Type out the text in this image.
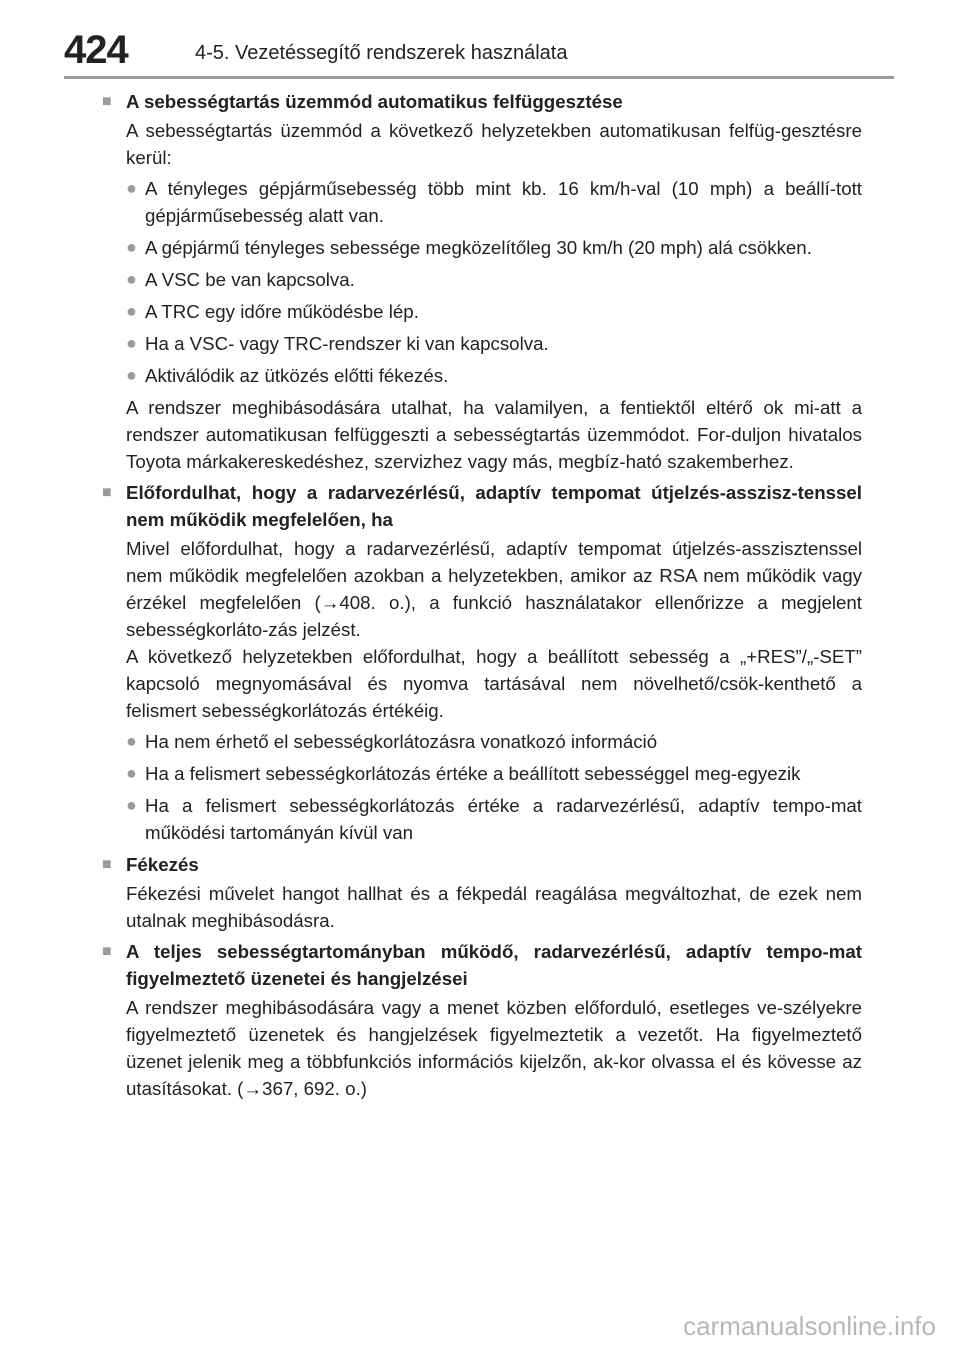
424	4-5. Vezetéssegítő rendszerek használata
■ A sebességtartás üzemmód automatikus felfüggesztése
A sebességtartás üzemmód a következő helyzetekben automatikusan felfüg-gesztésre kerül:
● A tényleges gépjárműsebesség több mint kb. 16 km/h-val (10 mph) a beállí-tott gépjárműsebesség alatt van.
● A gépjármű tényleges sebessége megközelítőleg 30 km/h (20 mph) alá csökken.
● A VSC be van kapcsolva.
● A TRC egy időre működésbe lép.
● Ha a VSC- vagy TRC-rendszer ki van kapcsolva.
● Aktiválódik az ütközés előtti fékezés.
A rendszer meghibásodására utalhat, ha valamilyen, a fentiektől eltérő ok mi-att a rendszer automatikusan felfüggeszti a sebességtartás üzemmódot. For-duljon hivatalos Toyota márkakereskedéshez, szervizhez vagy más, megbíz-ható szakemberhez.
■ Előfordulhat, hogy a radarvezérlésű, adaptív tempomat útjelzés-asszisz-tenssel nem működik megfelelően, ha
Mivel előfordulhat, hogy a radarvezérlésű, adaptív tempomat útjelzés-asszisztenssel nem működik megfelelően azokban a helyzetekben, amikor az RSA nem működik vagy érzékel megfelelően (→408. o.), a funkció használatakor ellenőrizze a megjelent sebességkorláto-zás jelzést.
A következő helyzetekben előfordulhat, hogy a beállított sebesség a „+RES”/„-SET” kapcsoló megnyomásával és nyomva tartásával nem növelhető/csök-kenthető a felismert sebességkorlátozás értékéig.
● Ha nem érhető el sebességkorlátozásra vonatkozó információ
● Ha a felismert sebességkorlátozás értéke a beállított sebességgel meg-egyezik
● Ha a felismert sebességkorlátozás értéke a radarvezérlésű, adaptív tempo-mat működési tartományán kívül van
■ Fékezés
Fékezési művelet hangot hallhat és a fékpedál reagálása megváltozhat, de ezek nem utalnak meghibásodásra.
■ A teljes sebességtartományban működő, radarvezérlésű, adaptív tempo-mat figyelmeztető üzenetei és hangjelzései
A rendszer meghibásodására vagy a menet közben előforduló, esetleges ve-szélyekre figyelmeztető üzenetek és hangjelzések figyelmeztetik a vezetőt. Ha figyelmeztető üzenet jelenik meg a többfunkciós információs kijelzőn, ak-kor olvassa el és kövesse az utasításokat. (→367, 692. o.)
carmanualsonline.info
